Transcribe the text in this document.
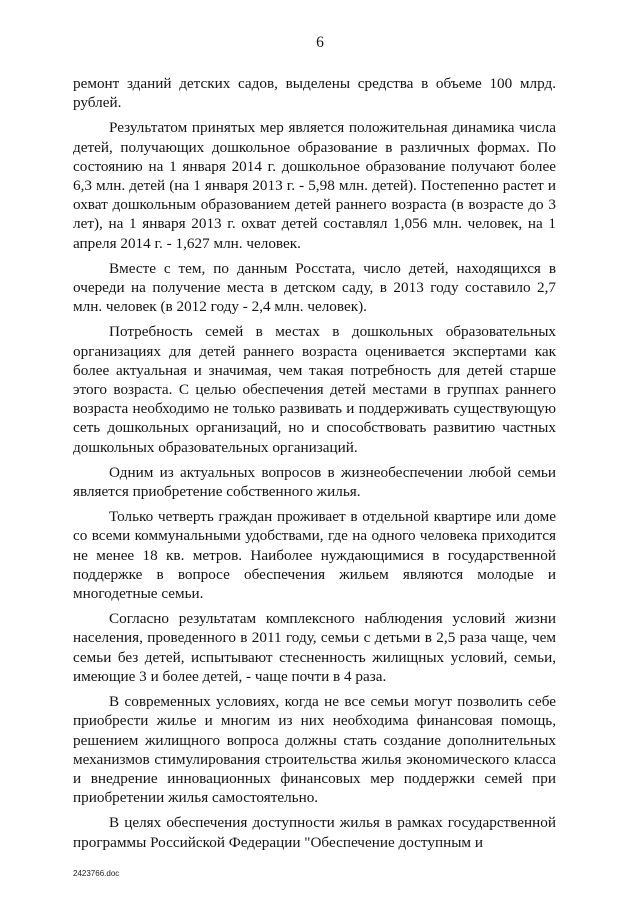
6

ремонт зданий детских садов, выделены средства в объеме 100 млрд. рублей.

Результатом принятых мер является положительная динамика числа детей, получающих дошкольное образование в различных формах. По состоянию на 1 января 2014 г. дошкольное образование получают более 6,3 млн. детей (на 1 января 2013 г. - 5,98 млн. детей). Постепенно растет и охват дошкольным образованием детей раннего возраста (в возрасте до 3 лет), на 1 января 2013 г. охват детей составлял 1,056 млн. человек, на 1 апреля 2014 г. - 1,627 млн. человек.

Вместе с тем, по данным Росстата, число детей, находящихся в очереди на получение места в детском саду, в 2013 году составило 2,7 млн. человек (в 2012 году - 2,4 млн. человек).

Потребность семей в местах в дошкольных образовательных организациях для детей раннего возраста оценивается экспертами как более актуальная и значимая, чем такая потребность для детей старше этого возраста. С целью обеспечения детей местами в группах раннего возраста необходимо не только развивать и поддерживать существующую сеть дошкольных организаций, но и способствовать развитию частных дошкольных образовательных организаций.

Одним из актуальных вопросов в жизнеобеспечении любой семьи является приобретение собственного жилья.

Только четверть граждан проживает в отдельной квартире или доме со всеми коммунальными удобствами, где на одного человека приходится не менее 18 кв. метров. Наиболее нуждающимися в государственной поддержке в вопросе обеспечения жильем являются молодые и многодетные семьи.

Согласно результатам комплексного наблюдения условий жизни населения, проведенного в 2011 году, семьи с детьми в 2,5 раза чаще, чем семьи без детей, испытывают стесненность жилищных условий, семьи, имеющие 3 и более детей, - чаще почти в 4 раза.

В современных условиях, когда не все семьи могут позволить себе приобрести жилье и многим из них необходима финансовая помощь, решением жилищного вопроса должны стать создание дополнительных механизмов стимулирования строительства жилья экономического класса и внедрение инновационных финансовых мер поддержки семей при приобретении жилья самостоятельно.

В целях обеспечения доступности жилья в рамках государственной программы Российской Федерации "Обеспечение доступным и

2423766.doc
